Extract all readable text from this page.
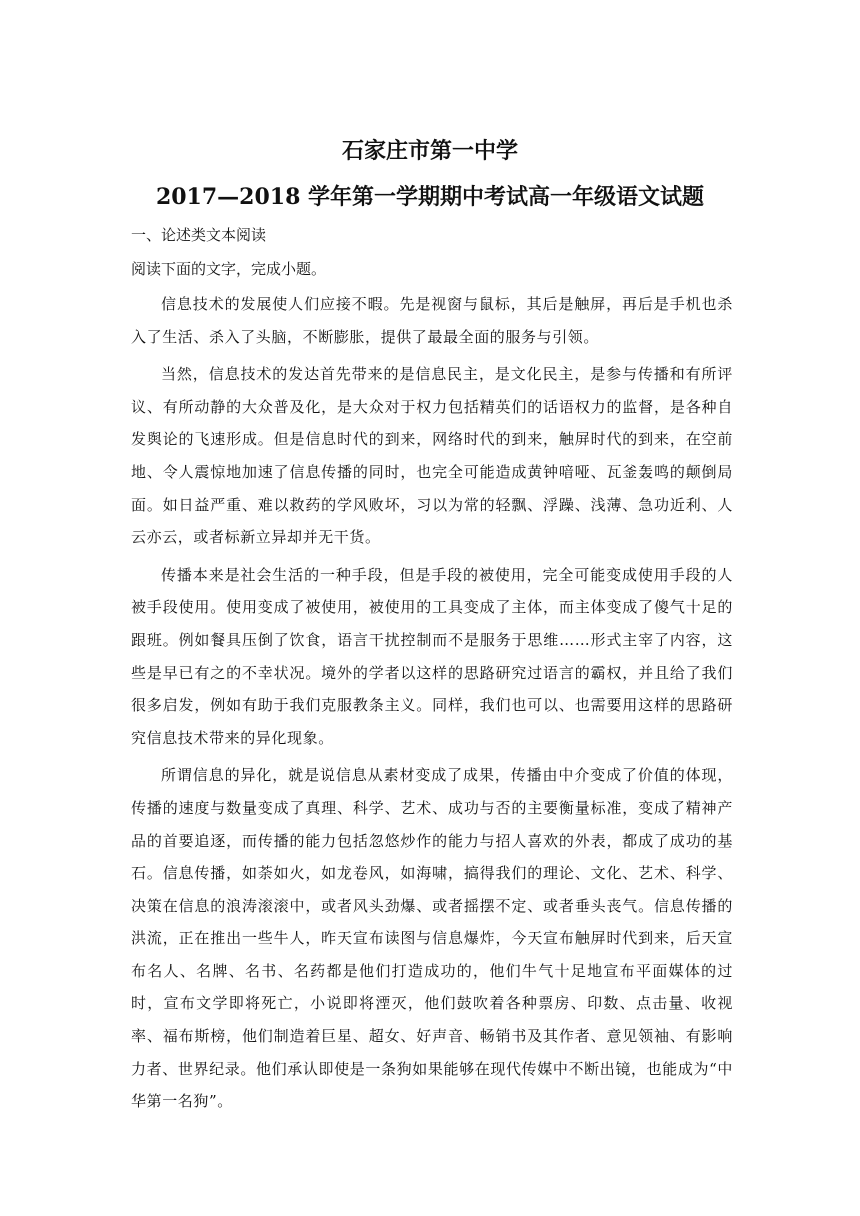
石家庄市第一中学
2017—2018 学年第一学期期中考试高一年级语文试题
一、论述类文本阅读
阅读下面的文字，完成小题。

信息技术的发展使人们应接不暇。先是视窗与鼠标，其后是触屏，再后是手机也杀入了生活、杀入了头脑，不断膨胀，提供了最最全面的服务与引领。

当然，信息技术的发达首先带来的是信息民主，是文化民主，是参与传播和有所评议、有所动静的大众普及化，是大众对于权力包括精英们的话语权力的监督，是各种自发舆论的飞速形成。但是信息时代的到来，网络时代的到来，触屏时代的到来，在空前地、令人震惊地加速了信息传播的同时，也完全可能造成黄钟喑哑、瓦釜轰鸣的颠倒局面。如日益严重、难以救药的学风败坏，习以为常的轻飘、浮躁、浅薄、急功近利、人云亦云，或者标新立异却并无干货。

传播本来是社会生活的一种手段，但是手段的被使用，完全可能变成使用手段的人被手段使用。使用变成了被使用，被使用的工具变成了主体，而主体变成了傻气十足的跟班。例如餐具压倒了饮食，语言干扰控制而不是服务于思维……形式主宰了内容，这些是早已有之的不幸状况。境外的学者以这样的思路研究过语言的霸权，并且给了我们很多启发，例如有助于我们克服教条主义。同样，我们也可以、也需要用这样的思路研究信息技术带来的异化现象。

所谓信息的异化，就是说信息从素材变成了成果，传播由中介变成了价值的体现，传播的速度与数量变成了真理、科学、艺术、成功与否的主要衡量标准，变成了精神产品的首要追逐，而传播的能力包括忽悠炒作的能力与招人喜欢的外表，都成了成功的基石。信息传播，如荼如火，如龙卷风，如海啸，搞得我们的理论、文化、艺术、科学、决策在信息的浪涛滚滚中，或者风头劲爆、或者摇摆不定、或者垂头丧气。信息传播的洪流，正在推出一些牛人，昨天宣布读图与信息爆炸，今天宣布触屏时代到来，后天宣布名人、名牌、名书、名药都是他们打造成功的，他们牛气十足地宣布平面媒体的过时，宣布文学即将死亡，小说即将湮灭，他们鼓吹着各种票房、印数、点击量、收视率、福布斯榜，他们制造着巨星、超女、好声音、畅销书及其作者、意见领袖、有影响力者、世界纪录。他们承认即使是一条狗如果能够在现代传媒中不断出镜，也能成为“中华第一名狗”。
